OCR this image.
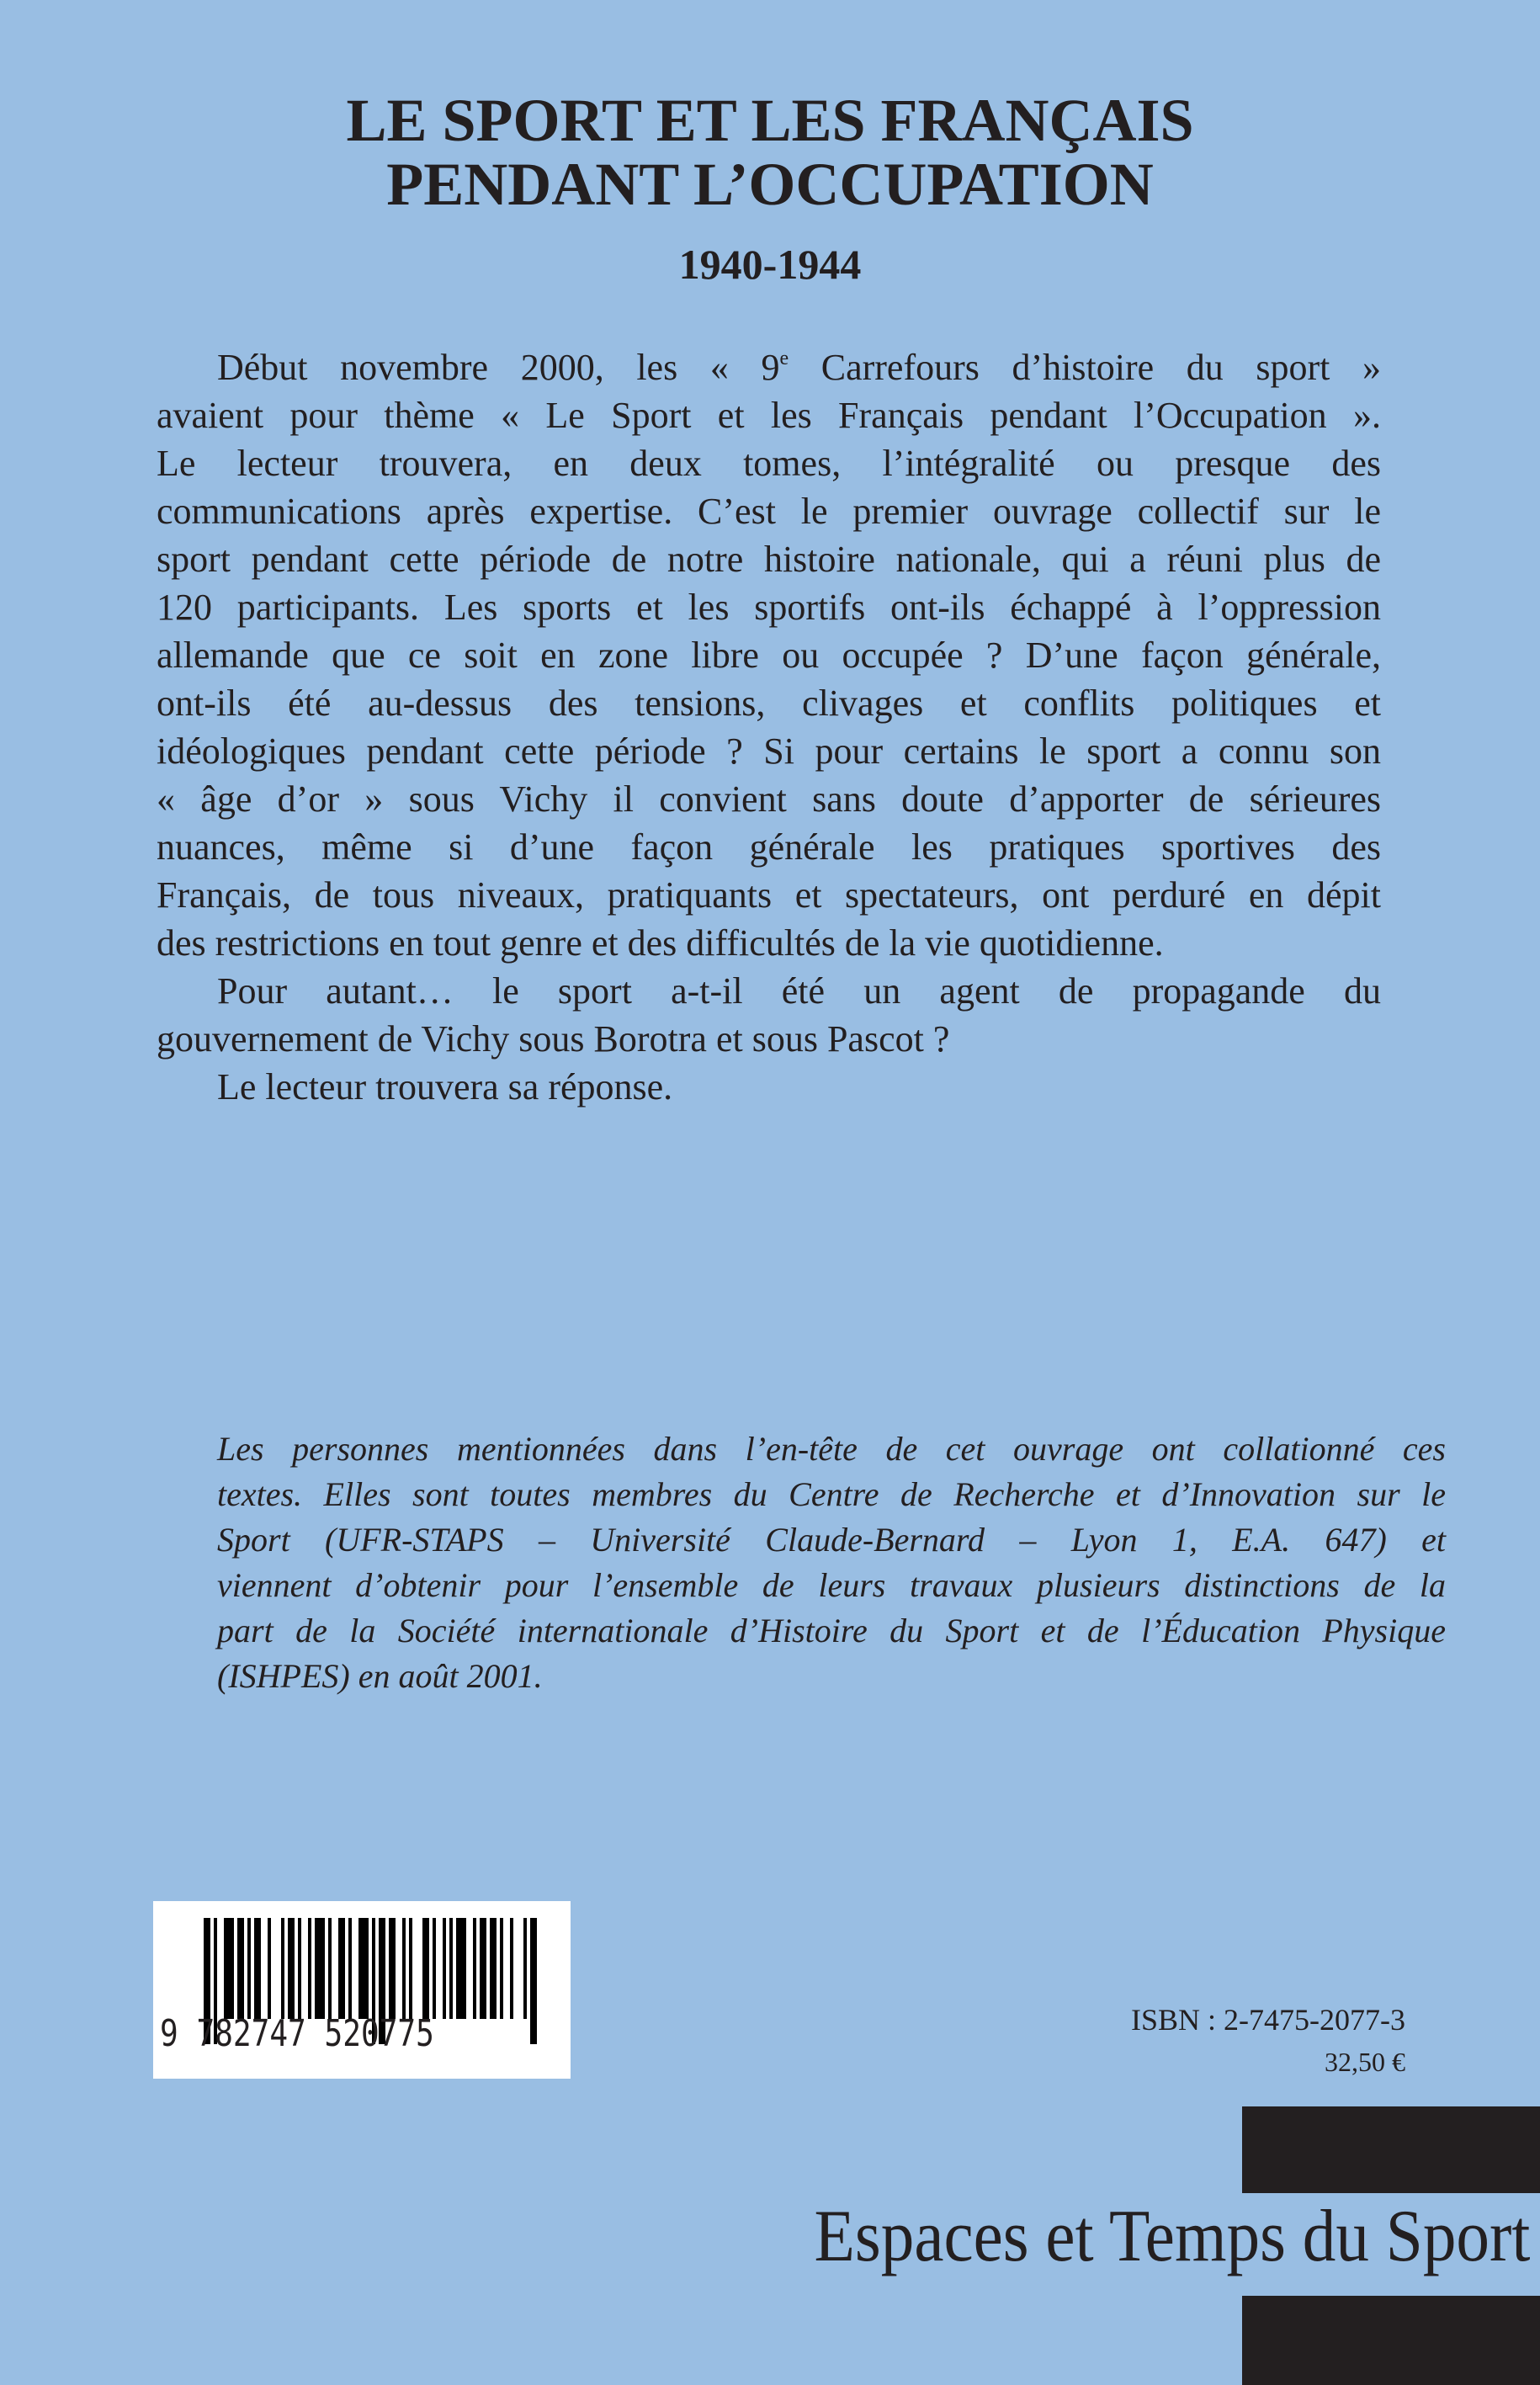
LE SPORT ET LES FRANÇAIS
PENDANT L’OCCUPATION
1940-1944
Début novembre 2000, les « 9e Carrefours d’histoire du sport »
avaient pour thème « Le Sport et les Français pendant l’Occupation ».
Le lecteur trouvera, en deux tomes, l’intégralité ou presque des
communications après expertise. C’est le premier ouvrage collectif sur le
sport pendant cette période de notre histoire nationale, qui a réuni plus de
120 participants. Les sports et les sportifs ont-ils échappé à l’oppression
allemande que ce soit en zone libre ou occupée ? D’une façon générale,
ont-ils été au-dessus des tensions, clivages et conflits politiques et
idéologiques pendant cette période ? Si pour certains le sport a connu son
« âge d’or » sous Vichy il convient sans doute d’apporter de sérieures
nuances, même si d’une façon générale les pratiques sportives des
Français, de tous niveaux, pratiquants et spectateurs, ont perduré en dépit
des restrictions en tout genre et des difficultés de la vie quotidienne.
Pour autant… le sport a-t-il été un agent de propagande du
gouvernement de Vichy sous Borotra et sous Pascot ?
Le lecteur trouvera sa réponse.
Les personnes mentionnées dans l’en-tête de cet ouvrage ont collationné ces
textes. Elles sont toutes membres du Centre de Recherche et d’Innovation sur le
Sport (UFR-STAPS – Université Claude-Bernard – Lyon 1, E.A. 647) et
viennent d’obtenir pour l’ensemble de leurs travaux plusieurs distinctions de la
part de la Société internationale d’Histoire du Sport et de l’Éducation Physique
(ISHPES) en août 2001.
9 782747 520775	ISBN : 2-7475-2077-3
32,50 €
Espaces et Temps du Sport
